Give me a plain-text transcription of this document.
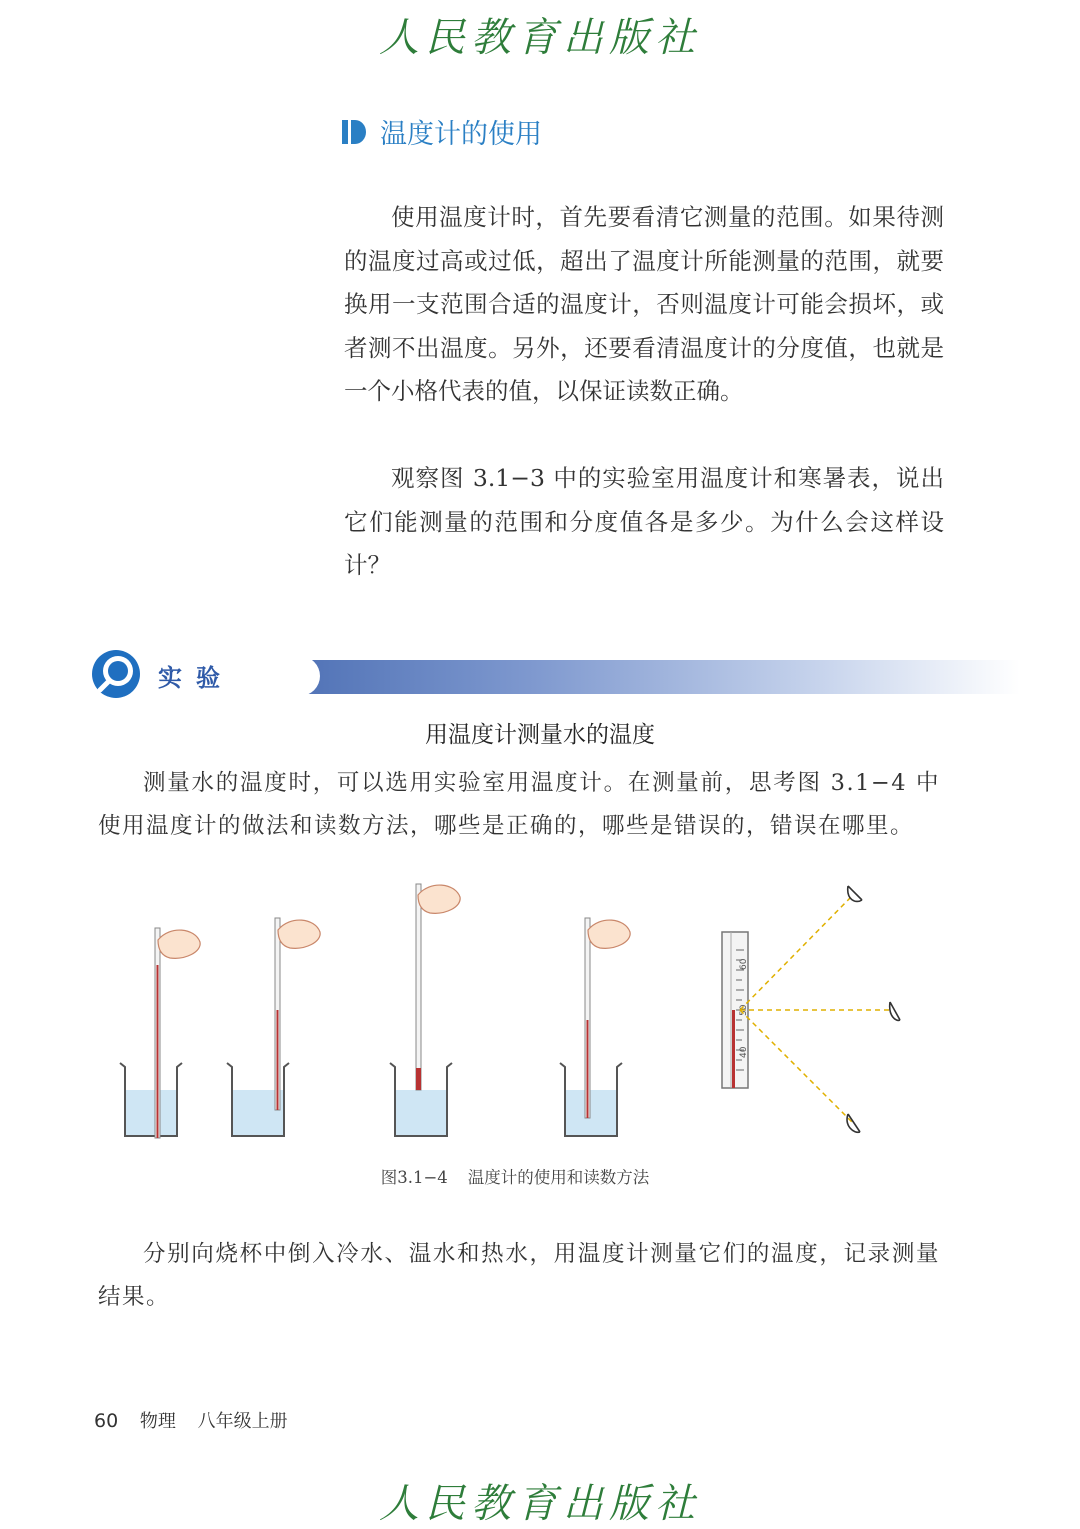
人民教育出版社
温度计的使用

使用温度计时，首先要看清它测量的范围。如果待测的温度过高或过低，超出了温度计所能测量的范围，就要换用一支范围合适的温度计，否则温度计可能会损坏，或者测不出温度。另外，还要看清温度计的分度值，也就是一个小格代表的值，以保证读数正确。

观察图 3.1−3 中的实验室用温度计和寒暑表，说出它们能测量的范围和分度值各是多少。为什么会这样设计？

实验
用温度计测量水的温度

测量水的温度时，可以选用实验室用温度计。在测量前，思考图 3.1−4 中使用温度计的做法和读数方法，哪些是正确的，哪些是错误的，错误在哪里。

60
50
40
图3.1−4 温度计的使用和读数方法

分别向烧杯中倒入冷水、温水和热水，用温度计测量它们的温度，记录测量结果。

60 物理 八年级上册
人民教育出版社
